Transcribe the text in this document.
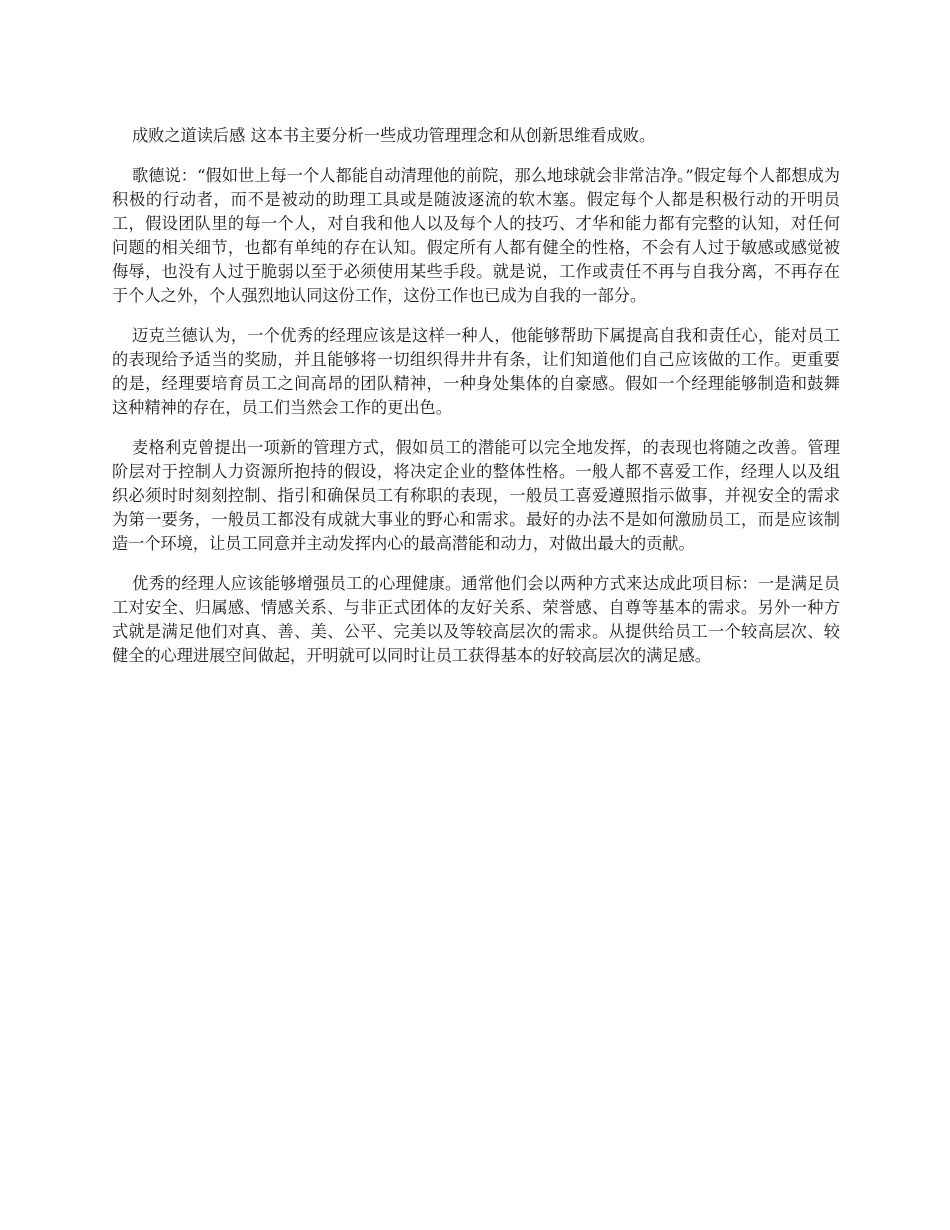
成败之道读后感 这本书主要分析一些成功管理理念和从创新思维看成败。

歌德说：“假如世上每一个人都能自动清理他的前院，那么地球就会非常洁净。”假定每个人都想成为积极的行动者，而不是被动的助理工具或是随波逐流的软木塞。假定每个人都是积极行动的开明员工，假设团队里的每一个人，对自我和他人以及每个人的技巧、才华和能力都有完整的认知，对任何问题的相关细节，也都有单纯的存在认知。假定所有人都有健全的性格，不会有人过于敏感或感觉被侮辱，也没有人过于脆弱以至于必须使用某些手段。就是说，工作或责任不再与自我分离，不再存在于个人之外，个人强烈地认同这份工作，这份工作也已成为自我的一部分。

迈克兰德认为，一个优秀的经理应该是这样一种人，他能够帮助下属提高自我和责任心，能对员工的表现给予适当的奖励，并且能够将一切组织得井井有条，让们知道他们自己应该做的工作。更重要的是，经理要培育员工之间高昂的团队精神，一种身处集体的自豪感。假如一个经理能够制造和鼓舞这种精神的存在，员工们当然会工作的更出色。

麦格利克曾提出一项新的管理方式，假如员工的潜能可以完全地发挥，的表现也将随之改善。管理阶层对于控制人力资源所抱持的假设，将决定企业的整体性格。一般人都不喜爱工作，经理人以及组织必须时时刻刻控制、指引和确保员工有称职的表现，一般员工喜爱遵照指示做事，并视安全的需求为第一要务，一般员工都没有成就大事业的野心和需求。最好的办法不是如何激励员工，而是应该制造一个环境，让员工同意并主动发挥内心的最高潜能和动力，对做出最大的贡献。

优秀的经理人应该能够增强员工的心理健康。通常他们会以两种方式来达成此项目标：一是满足员工对安全、归属感、情感关系、与非正式团体的友好关系、荣誉感、自尊等基本的需求。另外一种方式就是满足他们对真、善、美、公平、完美以及等较高层次的需求。从提供给员工一个较高层次、较健全的心理进展空间做起，开明就可以同时让员工获得基本的好较高层次的满足感。
